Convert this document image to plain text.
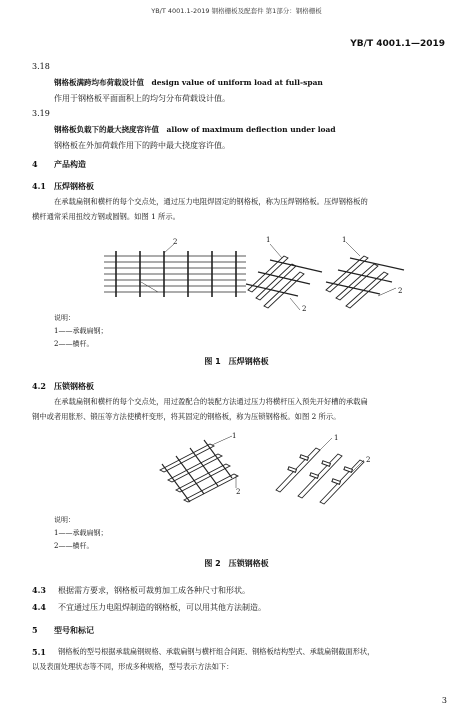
YB/T 4001.1-2019 钢格栅板及配套件 第1部分：钢格栅板
YB/T 4001.1—2019
3.18
钢格板满跨均布荷载设计值　design value of uniform load at full-span
作用于钢格板平面面积上的均匀分布荷载设计值。
3.19
钢格板负载下的最大挠度容许值　allow of maximum deflection under load
钢格板在外加荷载作用下的跨中最大挠度容许值。
4 产品构造
4.1 压焊钢格板
在承载扁钢和横杆的每个交点处，通过压力电阻焊固定的钢格板，称为压焊钢格板。压焊钢格板的
横杆通常采用扭绞方钢或圆钢。如图 1 所示。
2	1
2
1
2
说明：
1——承载扁钢；
2——横杆。
图 1　压焊钢格板
4.2 压锁钢格板
在承载扁钢和横杆的每个交点处，用过盈配合的装配方法通过压力将横杆压入预先开好槽的承载扁
钢中或者用胀形、锻压等方法使横杆变形，将其固定的钢格板，称为压锁钢格板。如图 2 所示。
1
2
1
2
说明：
1——承载扁钢；
2——横杆。
图 2　压锁钢格板
4.3 根据需方要求，钢格板可裁剪加工成各种尺寸和形状。
4.4 不宜通过压力电阻焊制造的钢格板，可以用其他方法制造。
5 型号和标记
5.1 钢格板的型号根据承载扁钢规格、承载扁钢与横杆组合间距、钢格板结构型式、承载扁钢截面形状，
以及表面处理状态等不同，形成多种规格，型号表示方法如下：
3
